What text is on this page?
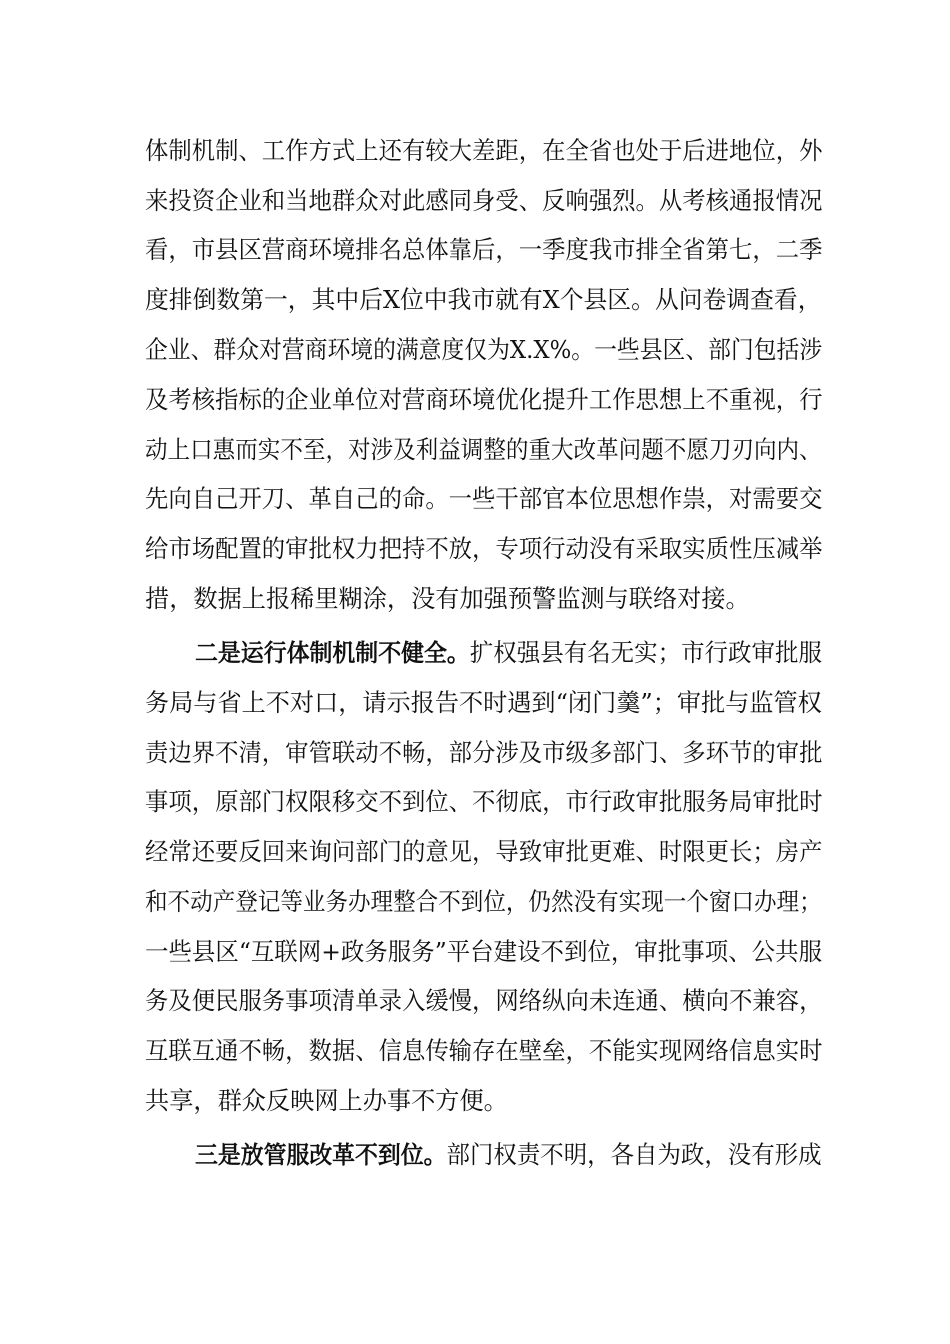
体制机制、工作方式上还有较大差距，在全省也处于后进地位，外
来投资企业和当地群众对此感同身受、反响强烈。从考核通报情况
看，市县区营商环境排名总体靠后，一季度我市排全省第七，二季
度排倒数第一，其中后X位中我市就有X个县区。从问卷调查看，
企业、群众对营商环境的满意度仅为X.X%。一些县区、部门包括涉
及考核指标的企业单位对营商环境优化提升工作思想上不重视，行
动上口惠而实不至，对涉及利益调整的重大改革问题不愿刀刃向内、
先向自己开刀、革自己的命。一些干部官本位思想作祟，对需要交
给市场配置的审批权力把持不放，专项行动没有采取实质性压减举
措，数据上报稀里糊涂，没有加强预警监测与联络对接。
二是运行体制机制不健全。扩权强县有名无实；市行政审批服
务局与省上不对口，请示报告不时遇到“闭门羹”；审批与监管权
责边界不清，审管联动不畅，部分涉及市级多部门、多环节的审批
事项，原部门权限移交不到位、不彻底，市行政审批服务局审批时
经常还要反回来询问部门的意见，导致审批更难、时限更长；房产
和不动产登记等业务办理整合不到位，仍然没有实现一个窗口办理；
一些县区“互联网+政务服务”平台建设不到位，审批事项、公共服
务及便民服务事项清单录入缓慢，网络纵向未连通、横向不兼容，
互联互通不畅，数据、信息传输存在壁垒，不能实现网络信息实时
共享，群众反映网上办事不方便。
三是放管服改革不到位。部门权责不明，各自为政，没有形成
